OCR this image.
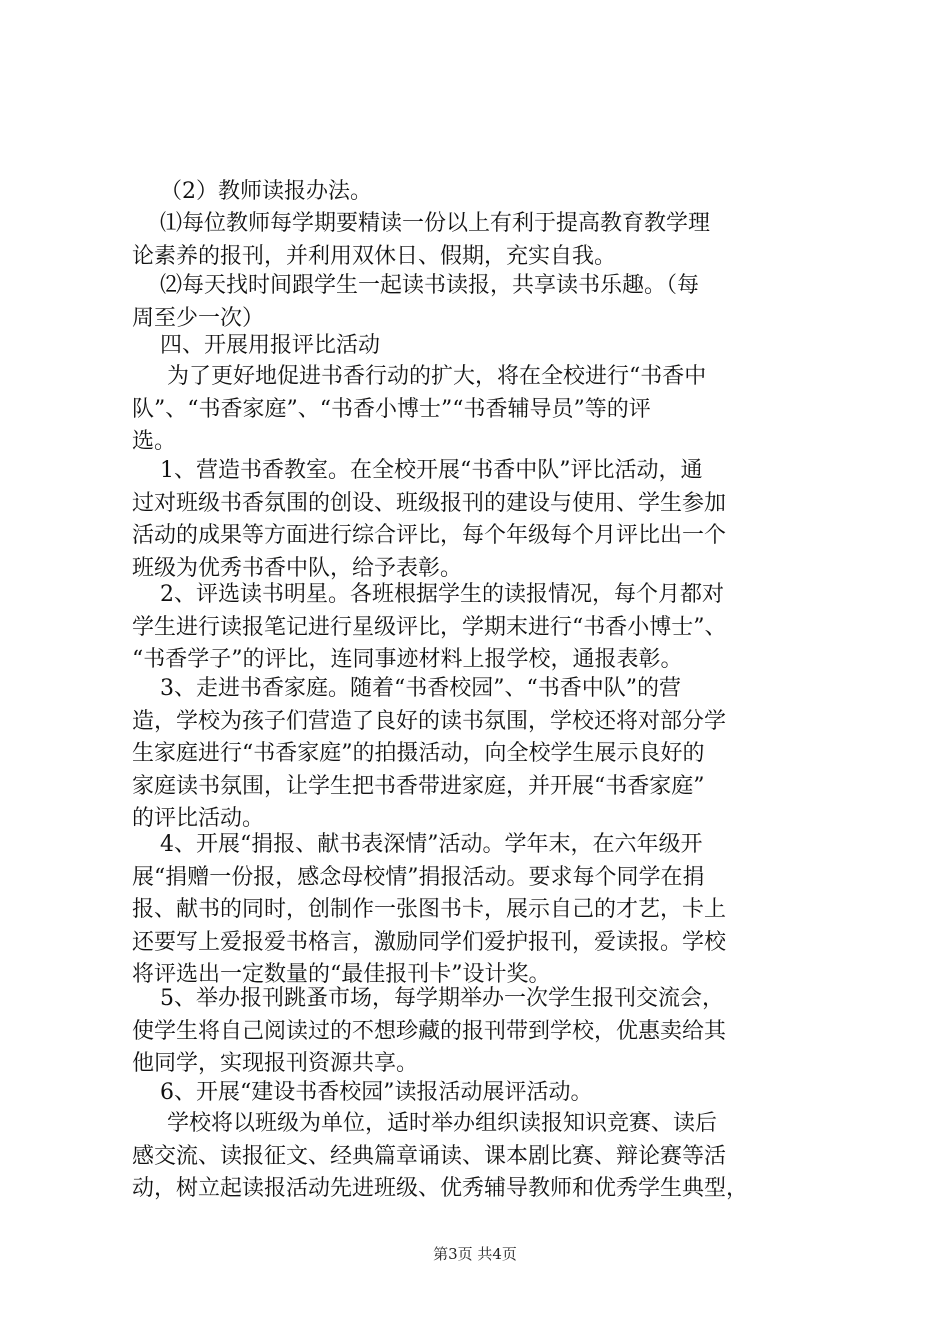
（2）教师读报办法。

⑴每位教师每学期要精读一份以上有利于提高教育教学理
论素养的报刊，并利用双休日、假期，充实自我。

⑵每天找时间跟学生一起读书读报，共享读书乐趣。（每
周至少一次）

四、开展用报评比活动

为了更好地促进书香行动的扩大，将在全校进行“书香中
队”、“书香家庭”、“书香小博士”“书香辅导员”等的评
选。

1、营造书香教室。在全校开展“书香中队”评比活动，通
过对班级书香氛围的创设、班级报刊的建设与使用、学生参加
活动的成果等方面进行综合评比，每个年级每个月评比出一个
班级为优秀书香中队，给予表彰。

2、评选读书明星。各班根据学生的读报情况，每个月都对
学生进行读报笔记进行星级评比，学期末进行“书香小博士”、
“书香学子”的评比，连同事迹材料上报学校，通报表彰。

3、走进书香家庭。随着“书香校园”、“书香中队”的营
造，学校为孩子们营造了良好的读书氛围，学校还将对部分学
生家庭进行“书香家庭”的拍摄活动，向全校学生展示良好的
家庭读书氛围，让学生把书香带进家庭，并开展“书香家庭”
的评比活动。

4、开展“捐报、献书表深情”活动。学年末，在六年级开
展“捐赠一份报，感念母校情”捐报活动。要求每个同学在捐
报、献书的同时，创制作一张图书卡，展示自己的才艺，卡上
还要写上爱报爱书格言，激励同学们爱护报刊，爱读报。学校
将评选出一定数量的“最佳报刊卡”设计奖。

5、举办报刊跳蚤市场，每学期举办一次学生报刊交流会，
使学生将自己阅读过的不想珍藏的报刊带到学校，优惠卖给其
他同学，实现报刊资源共享。

6、开展“建设书香校园”读报活动展评活动。

学校将以班级为单位，适时举办组织读报知识竞赛、读后
感交流、读报征文、经典篇章诵读、课本剧比赛、辩论赛等活
动，树立起读报活动先进班级、优秀辅导教师和优秀学生典型，

第3页 共4页
